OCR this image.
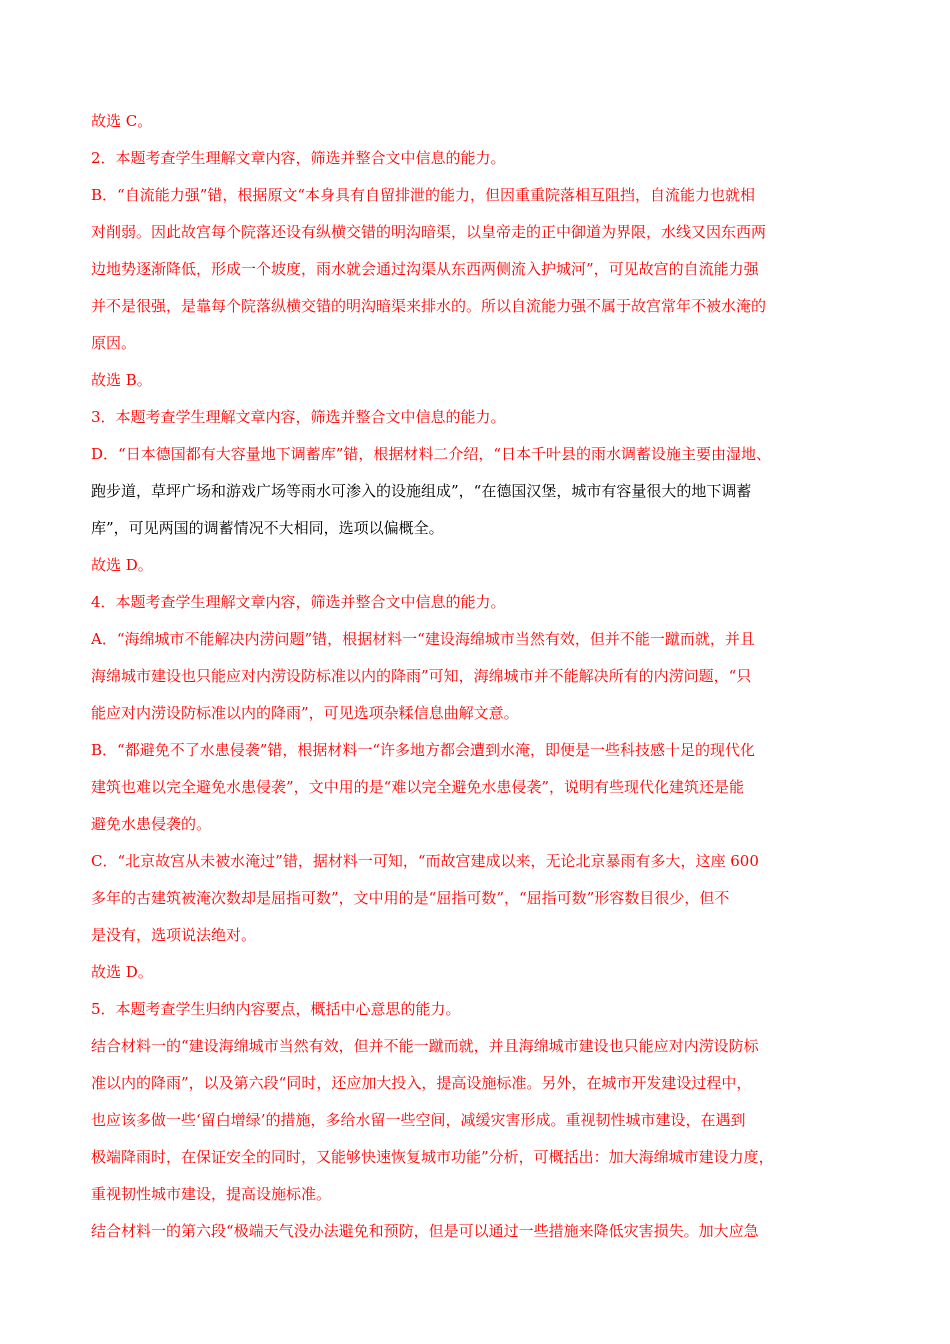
故选 C。
2．本题考查学生理解文章内容，筛选并整合文中信息的能力。
B．“自流能力强”错，根据原文“本身具有自留排泄的能力，但因重重院落相互阻挡，自流能力也就相
对削弱。因此故宫每个院落还设有纵横交错的明沟暗渠，以皇帝走的正中御道为界限，水线又因东西两
边地势逐渐降低，形成一个坡度，雨水就会通过沟渠从东西两侧流入护城河”，可见故宫的自流能力强
并不是很强，是靠每个院落纵横交错的明沟暗渠来排水的。所以自流能力强不属于故宫常年不被水淹的
原因。
故选 B。
3．本题考查学生理解文章内容，筛选并整合文中信息的能力。
D．“日本德国都有大容量地下调蓄库”错，根据材料二介绍，“日本千叶县的雨水调蓄设施主要由湿地、
跑步道，草坪广场和游戏广场等雨水可渗入的设施组成”，“在德国汉堡，城市有容量很大的地下调蓄
库”，可见两国的调蓄情况不大相同，选项以偏概全。
故选 D。
4．本题考查学生理解文章内容，筛选并整合文中信息的能力。
A．“海绵城市不能解决内涝问题”错，根据材料一“建设海绵城市当然有效，但并不能一蹴而就，并且
海绵城市建设也只能应对内涝设防标准以内的降雨”可知，海绵城市并不能解决所有的内涝问题，“只
能应对内涝设防标准以内的降雨”，可见选项杂糅信息曲解文意。
B．“都避免不了水患侵袭”错，根据材料一“许多地方都会遭到水淹，即便是一些科技感十足的现代化
建筑也难以完全避免水患侵袭”，文中用的是“难以完全避免水患侵袭”，说明有些现代化建筑还是能
避免水患侵袭的。
C．“北京故宫从未被水淹过”错，据材料一可知，“而故宫建成以来，无论北京暴雨有多大，这座 600
多年的古建筑被淹次数却是屈指可数”，文中用的是“屈指可数”，“屈指可数”形容数目很少，但不
是没有，选项说法绝对。
故选 D。
5．本题考查学生归纳内容要点，概括中心意思的能力。
结合材料一的“建设海绵城市当然有效，但并不能一蹴而就，并且海绵城市建设也只能应对内涝设防标
准以内的降雨”，以及第六段“同时，还应加大投入，提高设施标准。另外，在城市开发建设过程中，
也应该多做一些‘留白增绿’的措施，多给水留一些空间，减缓灾害形成。重视韧性城市建设，在遇到
极端降雨时，在保证安全的同时，又能够快速恢复城市功能”分析，可概括出：加大海绵城市建设力度，
重视韧性城市建设，提高设施标准。
结合材料一的第六段“极端天气没办法避免和预防，但是可以通过一些措施来降低灾害损失。加大应急
